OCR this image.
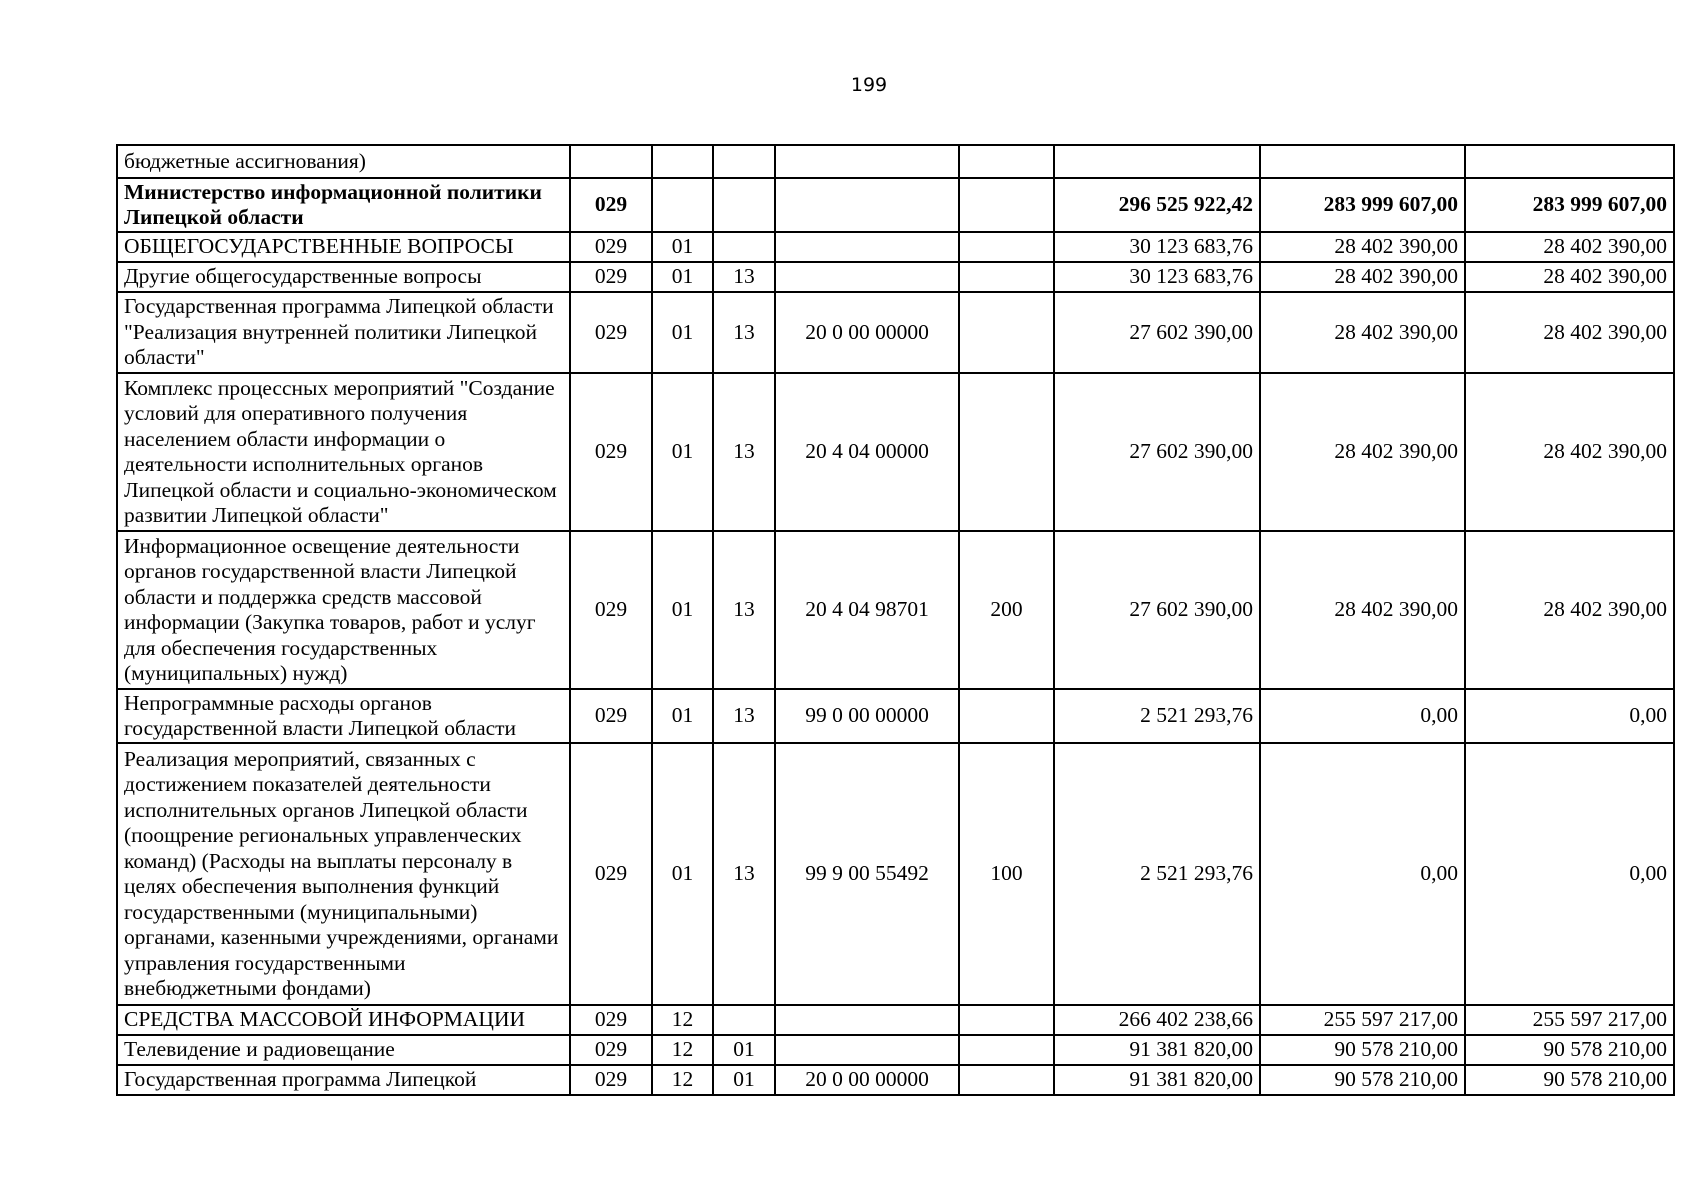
199
бюджетные ассигнования)								
Министерство информационной политики Липецкой области	029					296 525 922,42	283 999 607,00	283 999 607,00
ОБЩЕГОСУДАРСТВЕННЫЕ ВОПРОСЫ	029	01				30 123 683,76	28 402 390,00	28 402 390,00
Другие общегосударственные вопросы	029	01	13			30 123 683,76	28 402 390,00	28 402 390,00
Государственная программа Липецкой области "Реализация внутренней политики Липецкой области"	029	01	13	20 0 00 00000		27 602 390,00	28 402 390,00	28 402 390,00
Комплекс процессных мероприятий "Создание условий для оперативного получения населением области информации о деятельности исполнительных органов Липецкой области и социально-экономическом развитии Липецкой области"	029	01	13	20 4 04 00000		27 602 390,00	28 402 390,00	28 402 390,00
Информационное освещение деятельности органов государственной власти Липецкой области и поддержка средств массовой информации (Закупка товаров, работ и услуг для обеспечения государственных (муниципальных) нужд)	029	01	13	20 4 04 98701	200	27 602 390,00	28 402 390,00	28 402 390,00
Непрограммные расходы органов государственной власти Липецкой области	029	01	13	99 0 00 00000		2 521 293,76	0,00	0,00
Реализация мероприятий, связанных с достижением показателей деятельности исполнительных органов Липецкой области (поощрение региональных управленческих команд) (Расходы на выплаты персоналу в целях обеспечения выполнения функций государственными (муниципальными) органами, казенными учреждениями, органами управления государственными внебюджетными фондами)	029	01	13	99 9 00 55492	100	2 521 293,76	0,00	0,00
СРЕДСТВА МАССОВОЙ ИНФОРМАЦИИ	029	12				266 402 238,66	255 597 217,00	255 597 217,00
Телевидение и радиовещание	029	12	01			91 381 820,00	90 578 210,00	90 578 210,00
Государственная программа Липецкой	029	12	01	20 0 00 00000		91 381 820,00	90 578 210,00	90 578 210,00
